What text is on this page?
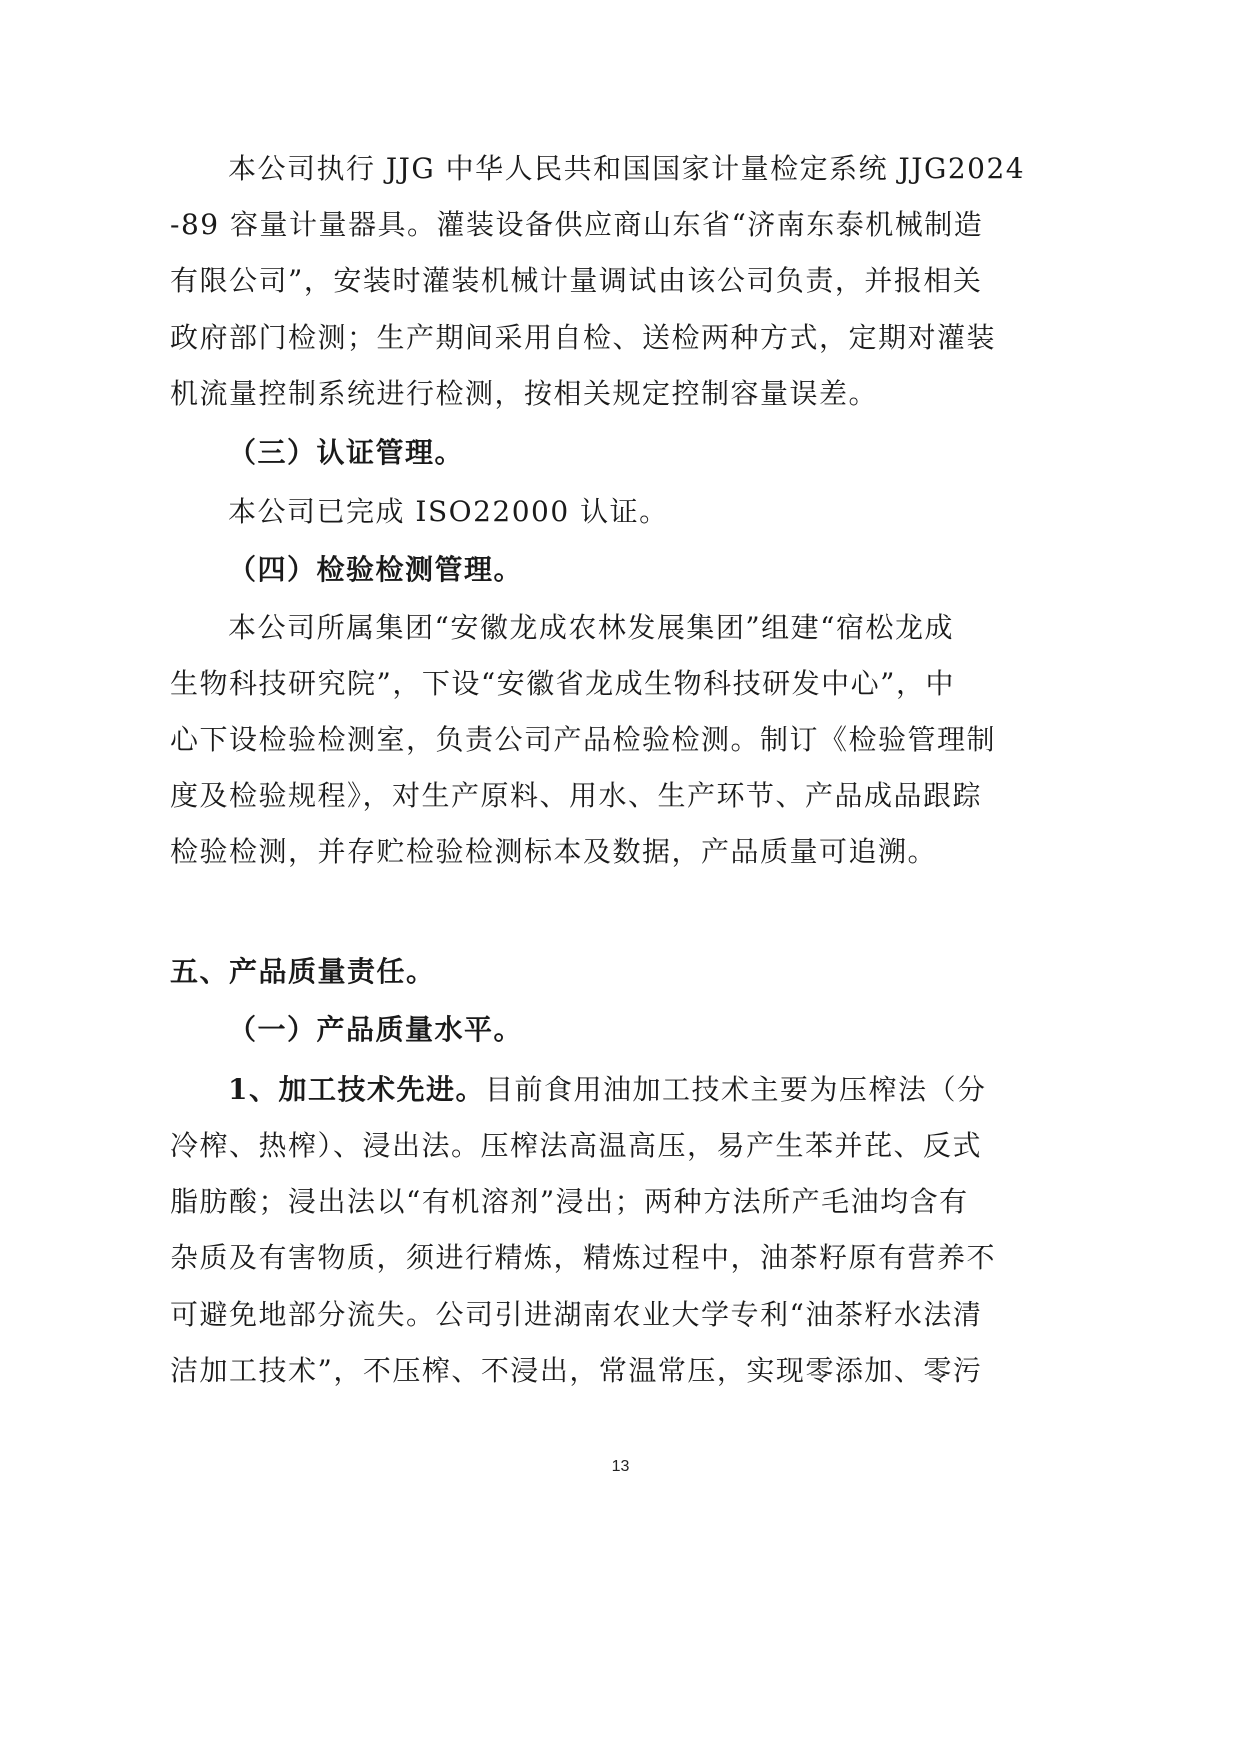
本公司执行 JJG 中华人民共和国国家计量检定系统 JJG2024
-89 容量计量器具。灌装设备供应商山东省“济南东泰机械制造
有限公司”，安装时灌装机械计量调试由该公司负责，并报相关
政府部门检测；生产期间采用自检、送检两种方式，定期对灌装
机流量控制系统进行检测，按相关规定控制容量误差。
（三）认证管理。
本公司已完成 ISO22000 认证。
（四）检验检测管理。
本公司所属集团“安徽龙成农林发展集团”组建“宿松龙成
生物科技研究院”，下设“安徽省龙成生物科技研发中心”，中
心下设检验检测室，负责公司产品检验检测。制订《检验管理制
度及检验规程》，对生产原料、用水、生产环节、产品成品跟踪
检验检测，并存贮检验检测标本及数据，产品质量可追溯。
五、产品质量责任。
（一）产品质量水平。
1、加工技术先进。目前食用油加工技术主要为压榨法（分
冷榨、热榨）、浸出法。压榨法高温高压，易产生苯并芘、反式
脂肪酸；浸出法以“有机溶剂”浸出；两种方法所产毛油均含有
杂质及有害物质，须进行精炼，精炼过程中，油茶籽原有营养不
可避免地部分流失。公司引进湖南农业大学专利“油茶籽水法清
洁加工技术”，不压榨、不浸出，常温常压，实现零添加、零污
13
